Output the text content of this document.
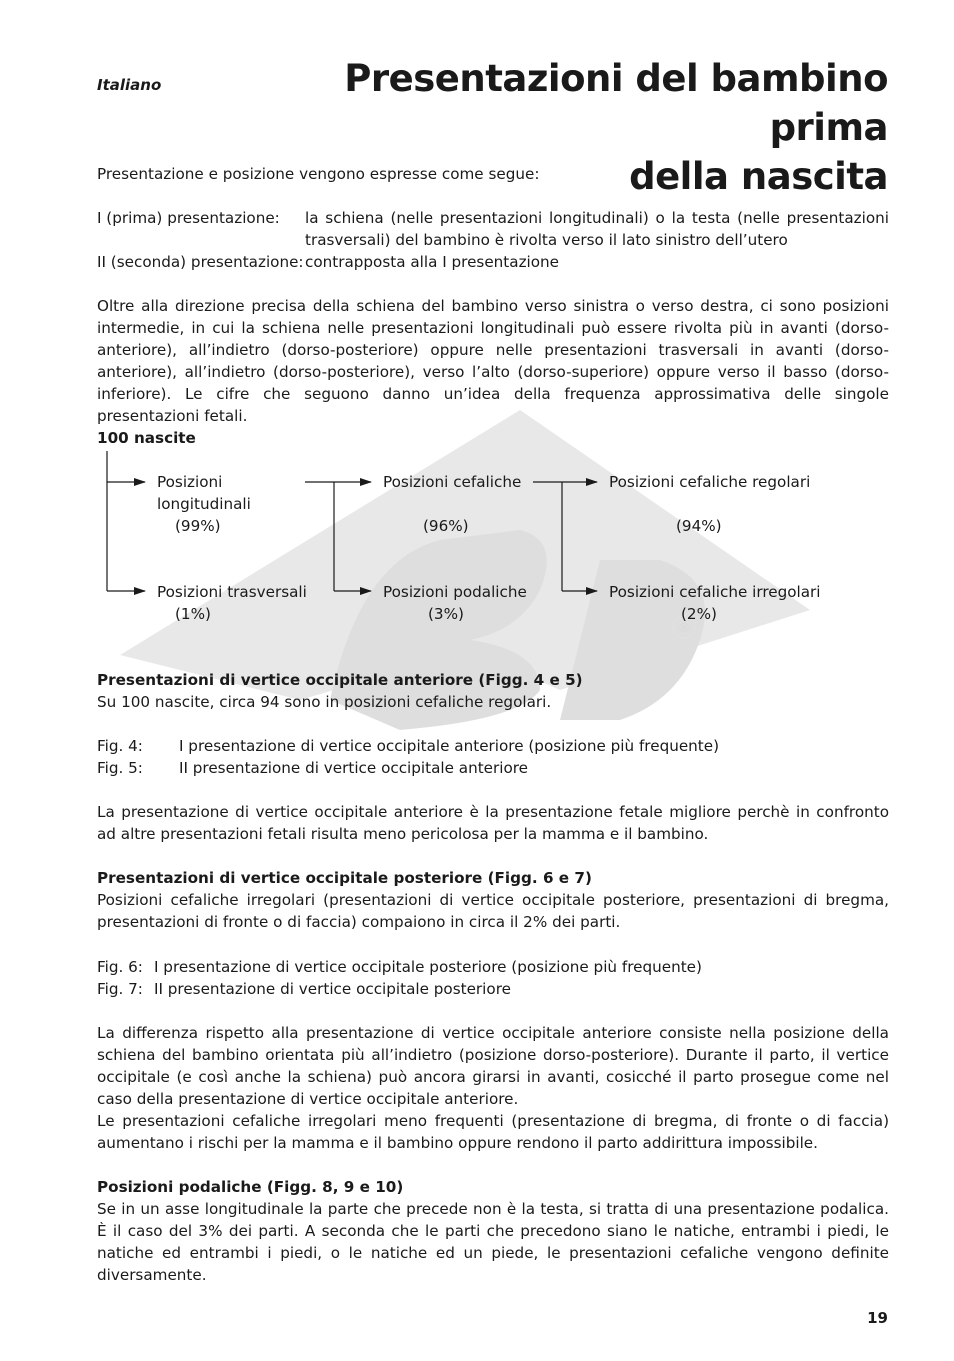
®
Italiano	Presentazioni del bambino prima
della nascita

Presentazione e posizione vengono espresse come segue:

I (prima) presentazione: la schiena (nelle presentazioni longitudinali) o la testa (nelle presentazioni trasversali) del bambino è rivolta verso il lato sinistro dell’utero
II (seconda) presentazione: contrapposta alla I presentazione

Oltre alla direzione precisa della schiena del bambino verso sinistra o verso destra, ci sono posizioni intermedie, in cui la schiena nelle presentazioni longitudinali può essere rivolta più in avanti (dorso-anteriore), all’indietro (dorso-posteriore) oppure nelle presentazioni trasversali in avanti (dorso-anteriore), all’indietro (dorso-posteriore), verso l’alto (dorso-superiore) oppure verso il basso (dorso-inferiore). Le cifre che seguono danno un’idea della frequenza approssimativa delle singole presentazioni fetali.

100 nascite
Posizioni
longitudinali
(99%)
Posizioni trasversali
(1%)
Posizioni cefaliche
(96%)
Posizioni podaliche
(3%)
Posizioni cefaliche regolari
(94%)
Posizioni cefaliche irregolari
(2%)

Presentazioni di vertice occipitale anteriore (Figg. 4 e 5)

Su 100 nascite, circa 94 sono in posizioni cefaliche regolari.

Fig. 4: I presentazione di vertice occipitale anteriore (posizione più frequente)
Fig. 5: II presentazione di vertice occipitale anteriore

La presentazione di vertice occipitale anteriore è la presentazione fetale migliore perchè in confronto ad altre presentazioni fetali risulta meno pericolosa per la mamma e il bambino.

Presentazioni di vertice occipitale posteriore (Figg. 6 e 7)

Posizioni cefaliche irregolari (presentazioni di vertice occipitale posteriore, presentazioni di bregma, presentazioni di fronte o di faccia) compaiono in circa il 2% dei parti.

Fig. 6: I presentazione di vertice occipitale posteriore (posizione più frequente)
Fig. 7: II presentazione di vertice occipitale posteriore

La differenza rispetto alla presentazione di vertice occipitale anteriore consiste nella posizione della schiena del bambino orientata più all’indietro (posizione dorso-posteriore). Durante il parto, il vertice occipitale (e così anche la schiena) può ancora girarsi in avanti, cosicché il parto prosegue come nel caso della presentazione di vertice occipitale anteriore.

Le presentazioni cefaliche irregolari meno frequenti (presentazione di bregma, di fronte o di faccia) aumentano i rischi per la mamma e il bambino oppure rendono il parto addirittura impossibile.

Posizioni podaliche (Figg. 8, 9 e 10)

Se in un asse longitudinale la parte che precede non è la testa, si tratta di una presentazione podalica. È il caso del 3% dei parti. A seconda che le parti che precedono siano le natiche, entrambi i piedi, le natiche ed entrambi i piedi, o le natiche ed un piede, le presentazioni cefaliche vengono definite diversamente.

19
